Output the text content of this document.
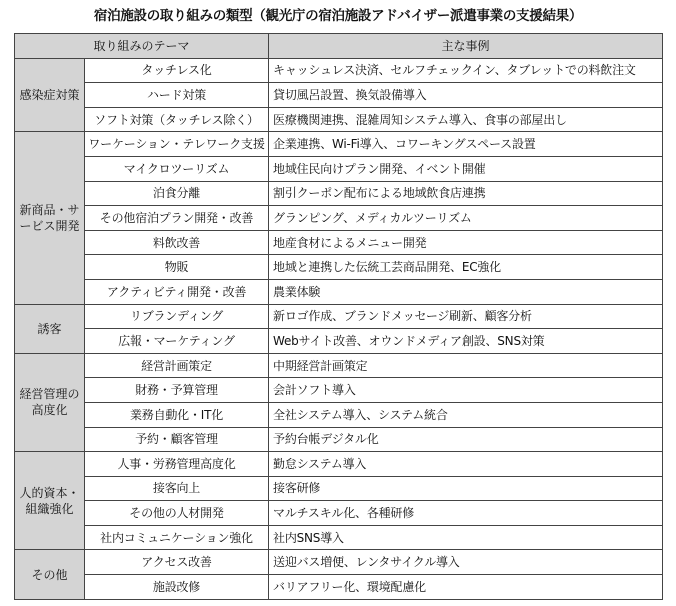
宿泊施設の取り組みの類型（観光庁の宿泊施設アドバイザー派遣事業の支援結果）
取り組みのテーマ		主な事例
感染症対策	タッチレス化	キャッシュレス決済、セルフチェックイン、タブレットでの料飲注文
	ハード対策	貸切風呂設置、換気設備導入
	ソフト対策（タッチレス除く）	医療機関連携、混雑周知システム導入、食事の部屋出し
新商品・サービス開発	ワーケーション・テレワーク支援	企業連携、Wi-Fi導入、コワーキングスペース設置
	マイクロツーリズム	地域住民向けプラン開発、イベント開催
	泊食分離	割引クーポン配布による地域飲食店連携
	その他宿泊プラン開発・改善	グランピング、メディカルツーリズム
	料飲改善	地産食材によるメニュー開発
	物販	地域と連携した伝統工芸商品開発、EC強化
	アクティビティ開発・改善	農業体験
誘客	リブランディング	新ロゴ作成、ブランドメッセージ刷新、顧客分析
	広報・マーケティング	Webサイト改善、オウンドメディア創設、SNS対策
経営管理の高度化	経営計画策定	中期経営計画策定
	財務・予算管理	会計ソフト導入
	業務自動化・IT化	全社システム導入、システム統合
	予約・顧客管理	予約台帳デジタル化
人的資本・組織強化	人事・労務管理高度化	勤怠システム導入
	接客向上	接客研修
	その他の人材開発	マルチスキル化、各種研修
	社内コミュニケーション強化	社内SNS導入
その他	アクセス改善	送迎バス増便、レンタサイクル導入
	施設改修	バリアフリー化、環境配慮化
